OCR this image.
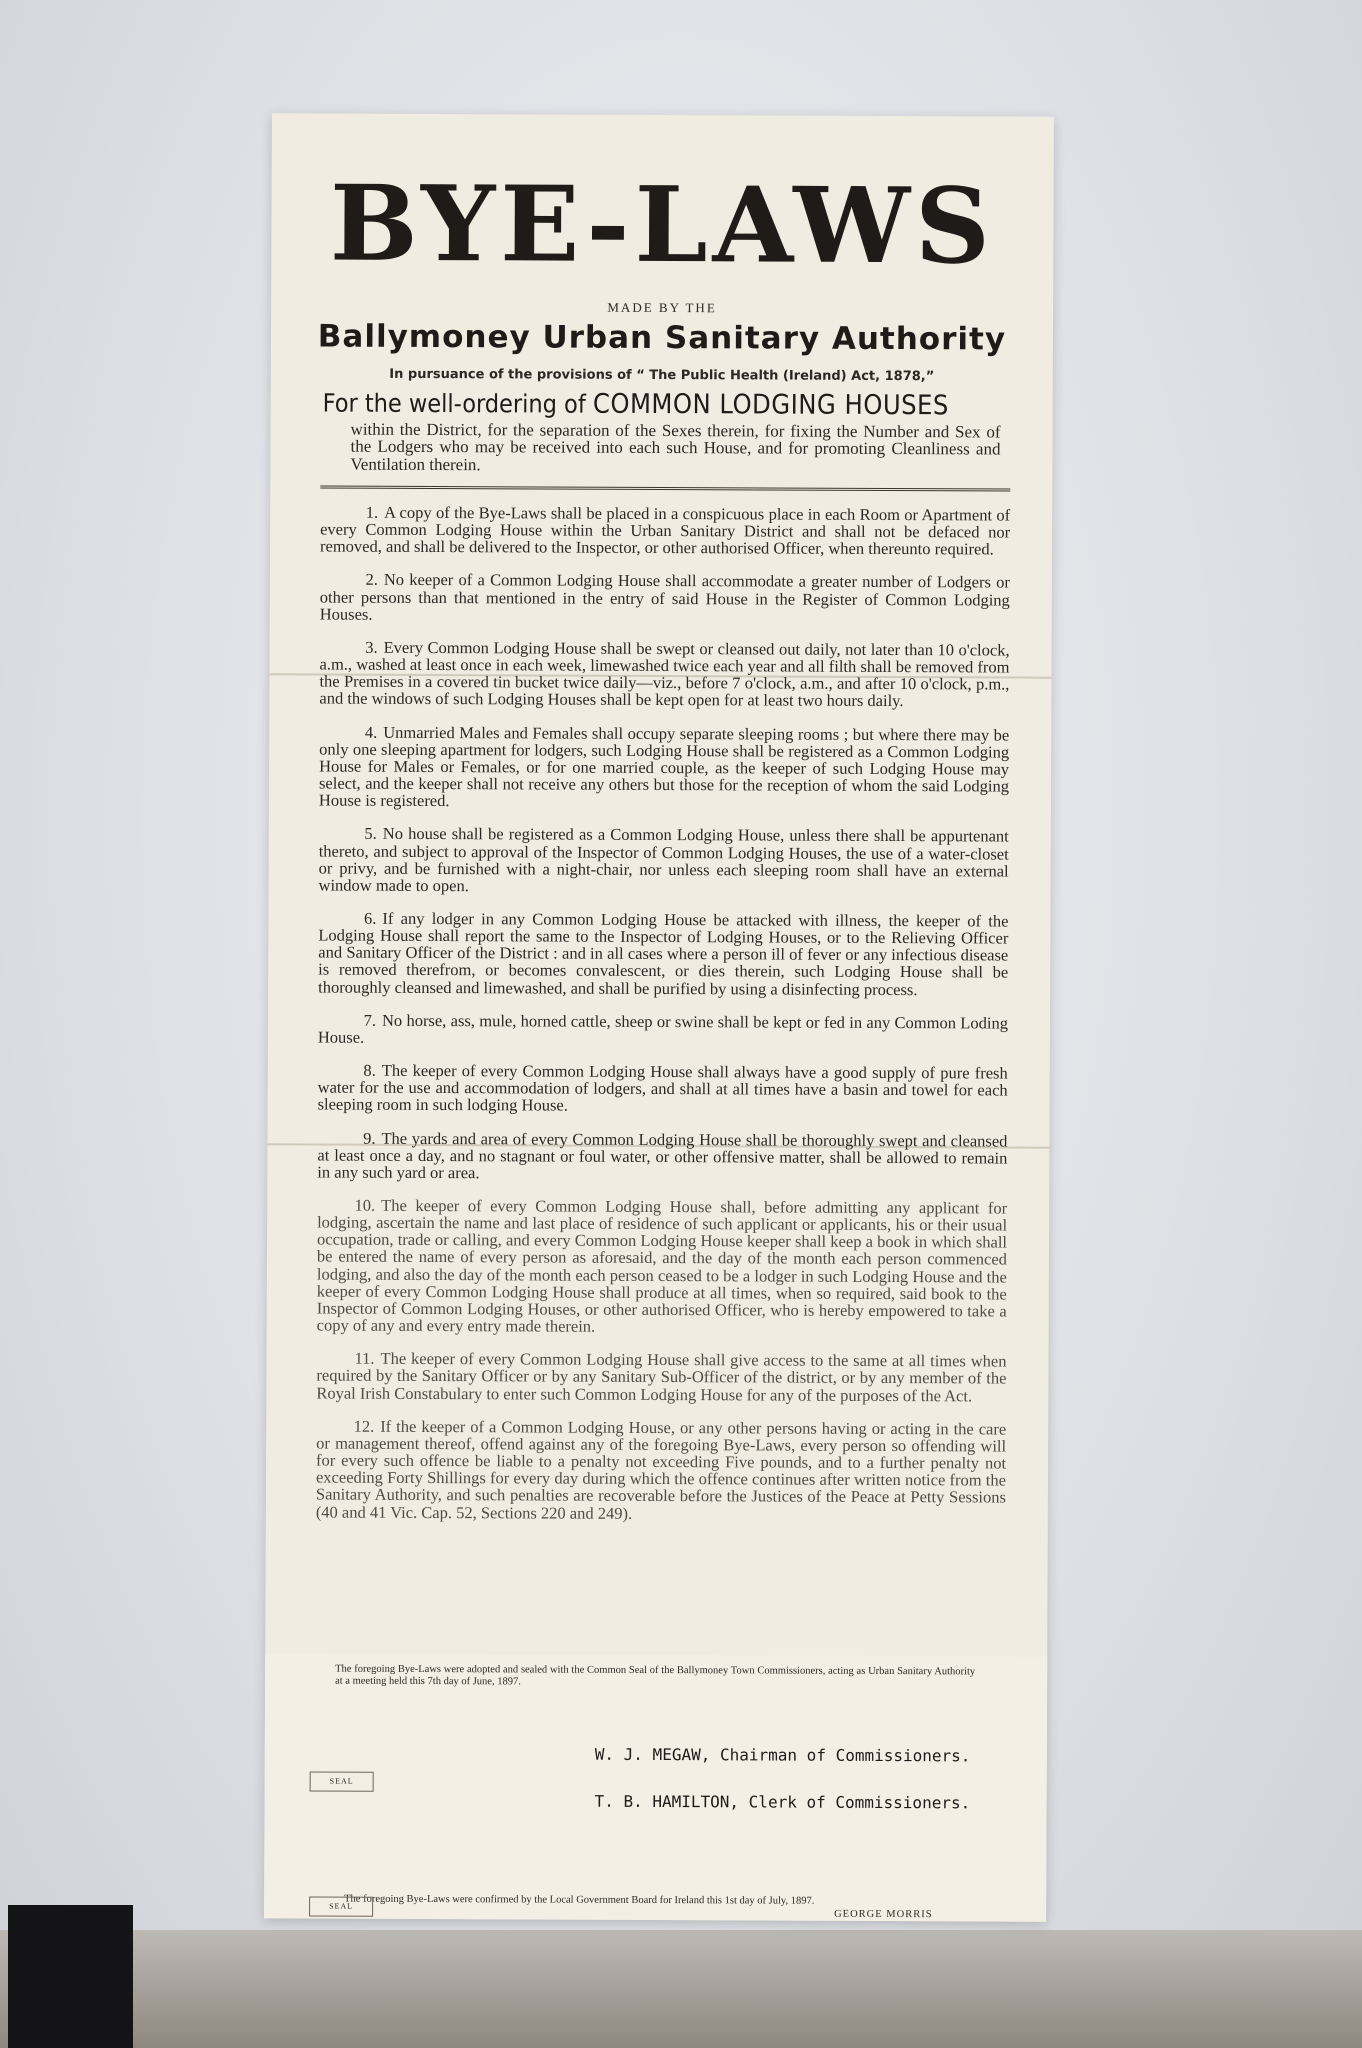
BYE-LAWS
MADE BY THE
Ballymoney Urban Sanitary Authority
In pursuance of the provisions of “ The Public Health (Ireland) Act, 1878,”
For the well-ordering of COMMON LODGING HOUSES
within the District, for the separation of the Sexes therein, for fixing the Number and Sex of the Lodgers who may be received into each such House, and for promoting Cleanliness and Ventilation therein.

1. A copy of the Bye-Laws shall be placed in a conspicuous place in each Room or Apartment of every Common Lodging House within the Urban Sanitary District and shall not be defaced nor removed, and shall be delivered to the Inspector, or other authorised Officer, when thereunto required.

2. No keeper of a Common Lodging House shall accommodate a greater number of Lodgers or other persons than that mentioned in the entry of said House in the Register of Common Lodging Houses.

3. Every Common Lodging House shall be swept or cleansed out daily, not later than 10 o'clock, a.m., washed at least once in each week, limewashed twice each year and all filth shall be removed from the Premises in a covered tin bucket twice daily—viz., before 7 o'clock, a.m., and after 10 o'clock, p.m., and the windows of such Lodging Houses shall be kept open for at least two hours daily.

4. Unmarried Males and Females shall occupy separate sleeping rooms ; but where there may be only one sleeping apartment for lodgers, such Lodging House shall be registered as a Common Lodging House for Males or Females, or for one married couple, as the keeper of such Lodging House may select, and the keeper shall not receive any others but those for the reception of whom the said Lodging House is registered.

5. No house shall be registered as a Common Lodging House, unless there shall be appurtenant thereto, and subject to approval of the Inspector of Common Lodging Houses, the use of a water-closet or privy, and be furnished with a night-chair, nor unless each sleeping room shall have an external window made to open.

6. If any lodger in any Common Lodging House be attacked with illness, the keeper of the Lodging House shall report the same to the Inspector of Lodging Houses, or to the Relieving Officer and Sanitary Officer of the District : and in all cases where a person ill of fever or any infectious disease is removed therefrom, or becomes convalescent, or dies therein, such Lodging House shall be thoroughly cleansed and limewashed, and shall be purified by using a disinfecting process.

7. No horse, ass, mule, horned cattle, sheep or swine shall be kept or fed in any Common Loding House.

8. The keeper of every Common Lodging House shall always have a good supply of pure fresh water for the use and accommodation of lodgers, and shall at all times have a basin and towel for each sleeping room in such lodging House.

9. The yards and area of every Common Lodging House shall be thoroughly swept and cleansed at least once a day, and no stagnant or foul water, or other offensive matter, shall be allowed to remain in any such yard or area.

10. The keeper of every Common Lodging House shall, before admitting any applicant for lodging, ascertain the name and last place of residence of such applicant or applicants, his or their usual occupation, trade or calling, and every Common Lodging House keeper shall keep a book in which shall be entered the name of every person as aforesaid, and the day of the month each person commenced lodging, and also the day of the month each person ceased to be a lodger in such Lodging House and the keeper of every Common Lodging House shall produce at all times, when so required, said book to the Inspector of Common Lodging Houses, or other authorised Officer, who is hereby empowered to take a copy of any and every entry made therein.

11. The keeper of every Common Lodging House shall give access to the same at all times when required by the Sanitary Officer or by any Sanitary Sub-Officer of the district, or by any member of the Royal Irish Constabulary to enter such Common Lodging House for any of the purposes of the Act.

12. If the keeper of a Common Lodging House, or any other persons having or acting in the care or management thereof, offend against any of the foregoing Bye-Laws, every person so offending will for every such offence be liable to a penalty not exceeding Five pounds, and to a further penalty not exceeding Forty Shillings for every day during which the offence continues after written notice from the Sanitary Authority, and such penalties are recoverable before the Justices of the Peace at Petty Sessions (40 and 41 Vic. Cap. 52, Sections 220 and 249).

The foregoing Bye-Laws were adopted and sealed with the Common Seal of the Ballymoney Town Commissioners, acting as Urban Sanitary Authority at a meeting held this 7th day of June, 1897.
W. J. MEGAW, Chairman of Commissioners.
SEAL
T. B. HAMILTON, Clerk of Commissioners.
The foregoing Bye-Laws were confirmed by the Local Government Board for Ireland this 1st day of July, 1897.
GEORGE MORRIS
SEAL
